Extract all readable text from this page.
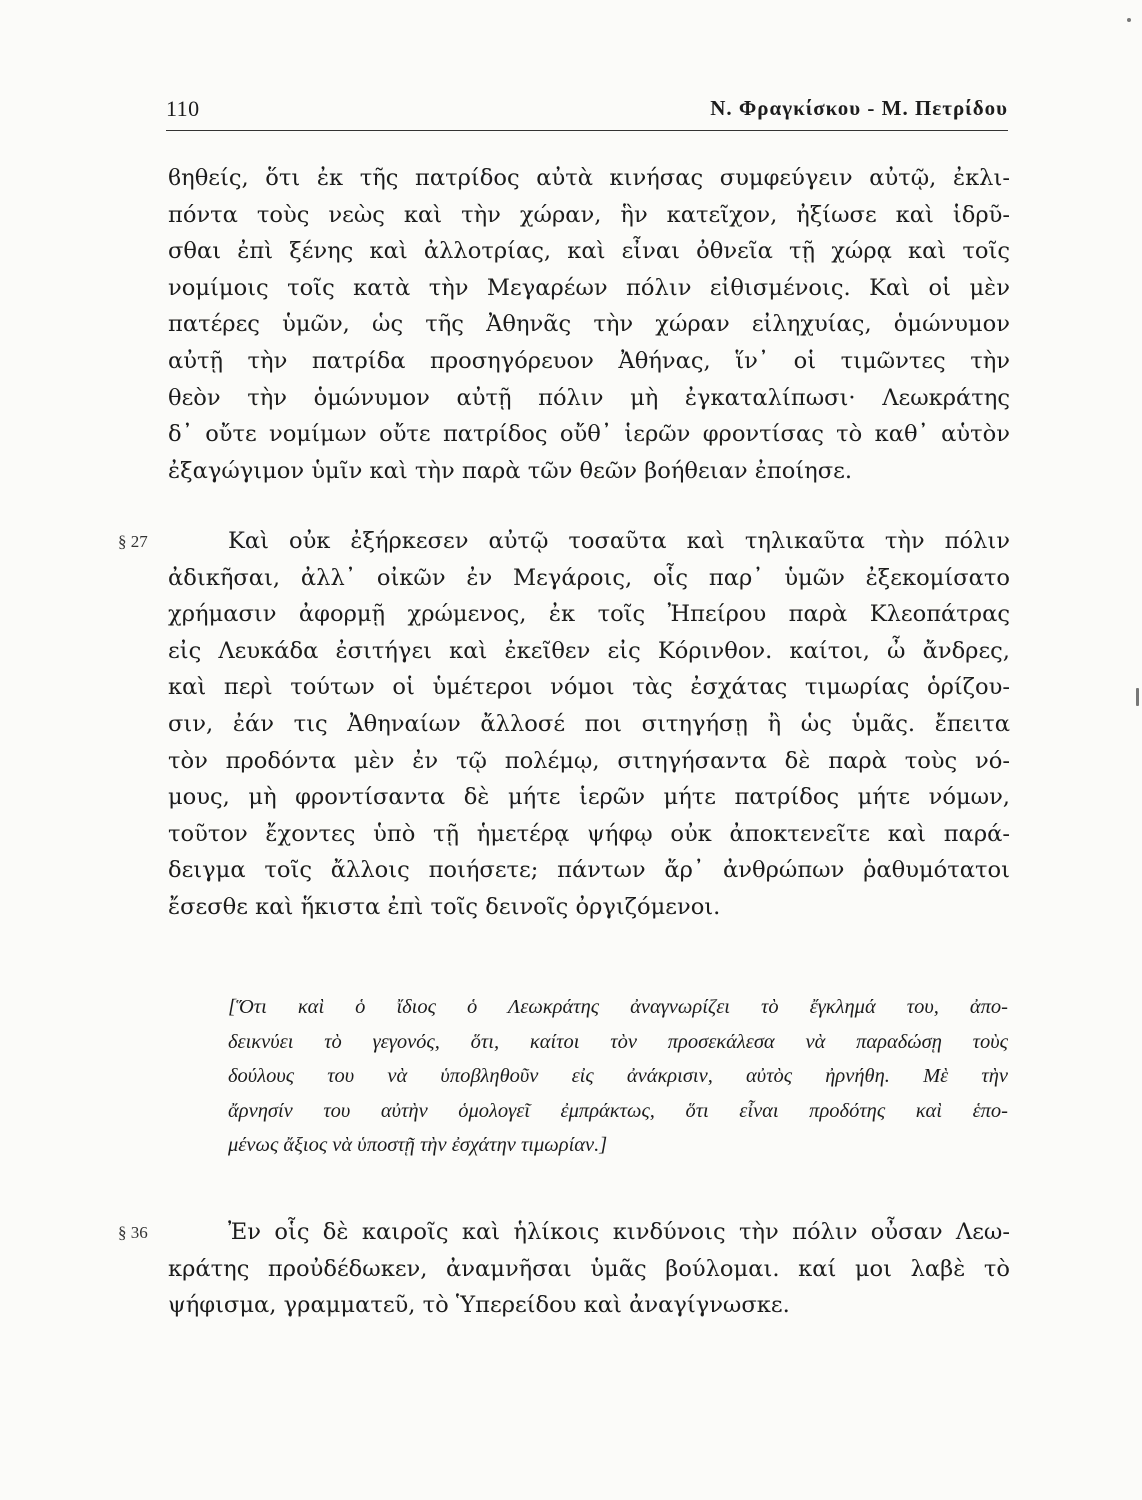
110	Ν. Φραγκίσκου - Μ. Πετρίδου
ϐηθείς, ὅτι ἐκ τῆς πατρίδος αὐτὰ κινήσας συμφεύγειν αὐτῷ, ἐκλι-
πόντα τοὺς νεὼς καὶ τὴν χώραν, ἣν κατεῖχον, ἠξίωσε καὶ ἱδρῦ-
σθαι ἐπὶ ξένης καὶ ἀλλοτρίας, καὶ εἶναι ὀθνεῖα τῇ χώρᾳ καὶ τοῖς
νομίμοις τοῖς κατὰ τὴν Μεγαρέων πόλιν εἰθισμένοις. Καὶ οἱ μὲν
πατέρες ὑμῶν, ὡς τῆς Ἀθηνᾶς τὴν χώραν εἰληχυίας, ὁμώνυμον
αὐτῇ τὴν πατρίδα προσηγόρευον Ἀθήνας, ἵν᾽ οἱ τιμῶντες τὴν
θεὸν τὴν ὁμώνυμον αὐτῇ πόλιν μὴ ἐγκαταλίπωσι· Λεωκράτης
δ᾽ οὔτε νομίμων οὔτε πατρίδος οὔθ᾽ ἱερῶν φροντίσας τὸ καθ᾽ αὑτὸν
ἐξαγώγιμον ὑμῖν καὶ τὴν παρὰ τῶν θεῶν βοήθειαν ἐποίησε.
§ 27	Καὶ οὐκ ἐξήρκεσεν αὐτῷ τοσαῦτα καὶ τηλικαῦτα τὴν πόλιν
ἀδικῆσαι, ἀλλ᾽ οἰκῶν ἐν Μεγάροις, οἷς παρ᾽ ὑμῶν ἐξεκομίσατο
χρήμασιν ἀφορμῇ χρώμενος, ἐκ τοῖς Ἠπείρου παρὰ Κλεοπάτρας
εἰς Λευκάδα ἐσιτήγει καὶ ἐκεῖθεν εἰς Κόρινθον. καίτοι, ὦ ἄνδρες,
καὶ περὶ τούτων οἱ ὑμέτεροι νόμοι τὰς ἐσχάτας τιμωρίας ὁρίζου-
σιν, ἐάν τις Ἀθηναίων ἄλλοσέ ποι σιτηγήσῃ ἢ ὡς ὑμᾶς. ἔπειτα
τὸν προδόντα μὲν ἐν τῷ πολέμῳ, σιτηγήσαντα δὲ παρὰ τοὺς νό-
μους, μὴ φροντίσαντα δὲ μήτε ἱερῶν μήτε πατρίδος μήτε νόμων,
τοῦτον ἔχοντες ὑπὸ τῇ ἡμετέρᾳ ψήφῳ οὐκ ἀποκτενεῖτε καὶ παρά-
δειγμα τοῖς ἄλλοις ποιήσετε; πάντων ἄρ᾽ ἀνθρώπων ῥαθυμότατοι
ἔσεσθε καὶ ἥκιστα ἐπὶ τοῖς δεινοῖς ὀργιζόμενοι.
[Ὅτι καὶ ὁ ἴδιος ὁ Λεωκράτης ἀναγνωρίζει τὸ ἔγκλημά του, ἀπο-
δεικνύει τὸ γεγονός, ὅτι, καίτοι τὸν προσεκάλεσα νὰ παραδώσῃ τοὺς
δούλους του νὰ ὑποβληθοῦν εἰς ἀνάκρισιν, αὐτὸς ἠρνήθη. Μὲ τὴν
ἄρνησίν του αὐτὴν ὁμολογεῖ ἐμπράκτως, ὅτι εἶναι προδότης καὶ ἑπο-
μένως ἄξιος νὰ ὑποστῇ τὴν ἐσχάτην τιμωρίαν.]
§ 36	Ἐν οἷς δὲ καιροῖς καὶ ἡλίκοις κινδύνοις τὴν πόλιν οὖσαν Λεω-
κράτης προὐδέδωκεν, ἀναμνῆσαι ὑμᾶς βούλομαι. καί μοι λαβὲ τὸ
ψήφισμα, γραμματεῦ, τὸ Ὑπερείδου καὶ ἀναγίγνωσκε.
